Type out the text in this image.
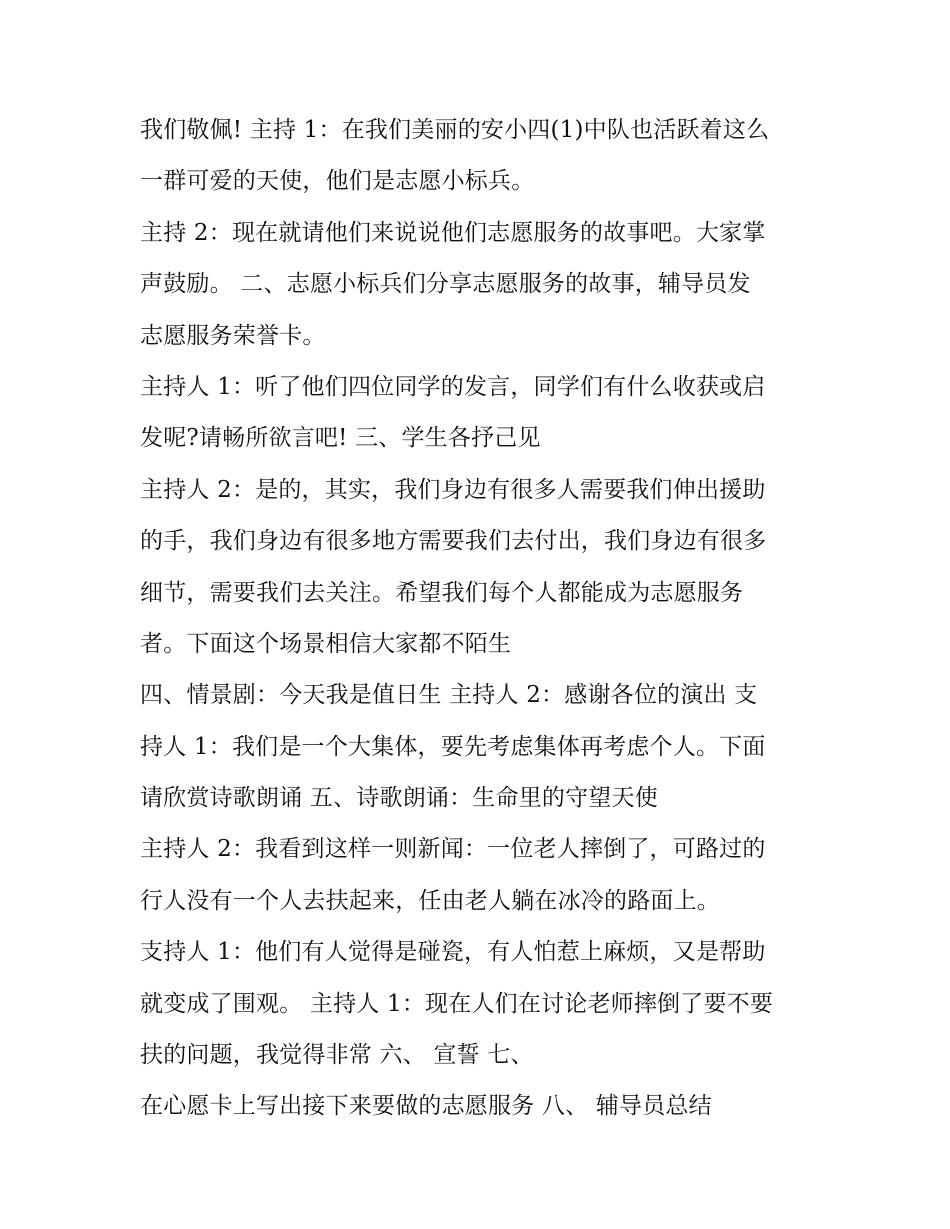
我们敬佩! 主持 1：在我们美丽的安小四(1)中队也活跃着这么
一群可爱的天使，他们是志愿小标兵。
主持 2：现在就请他们来说说他们志愿服务的故事吧。大家掌
声鼓励。 二、志愿小标兵们分享志愿服务的故事，辅导员发
志愿服务荣誉卡。
主持人 1：听了他们四位同学的发言，同学们有什么收获或启
发呢?请畅所欲言吧! 三、学生各抒己见
主持人 2：是的，其实，我们身边有很多人需要我们伸出援助
的手，我们身边有很多地方需要我们去付出，我们身边有很多
细节，需要我们去关注。希望我们每个人都能成为志愿服务
者。下面这个场景相信大家都不陌生
四、情景剧：今天我是值日生 主持人 2：感谢各位的演出 支
持人 1：我们是一个大集体，要先考虑集体再考虑个人。下面
请欣赏诗歌朗诵 五、诗歌朗诵：生命里的守望天使
主持人 2：我看到这样一则新闻：一位老人摔倒了，可路过的
行人没有一个人去扶起来，任由老人躺在冰冷的路面上。
支持人 1：他们有人觉得是碰瓷，有人怕惹上麻烦，又是帮助
就变成了围观。 主持人 1：现在人们在讨论老师摔倒了要不要
扶的问题，我觉得非常 六、 宣誓 七、
在心愿卡上写出接下来要做的志愿服务 八、 辅导员总结
